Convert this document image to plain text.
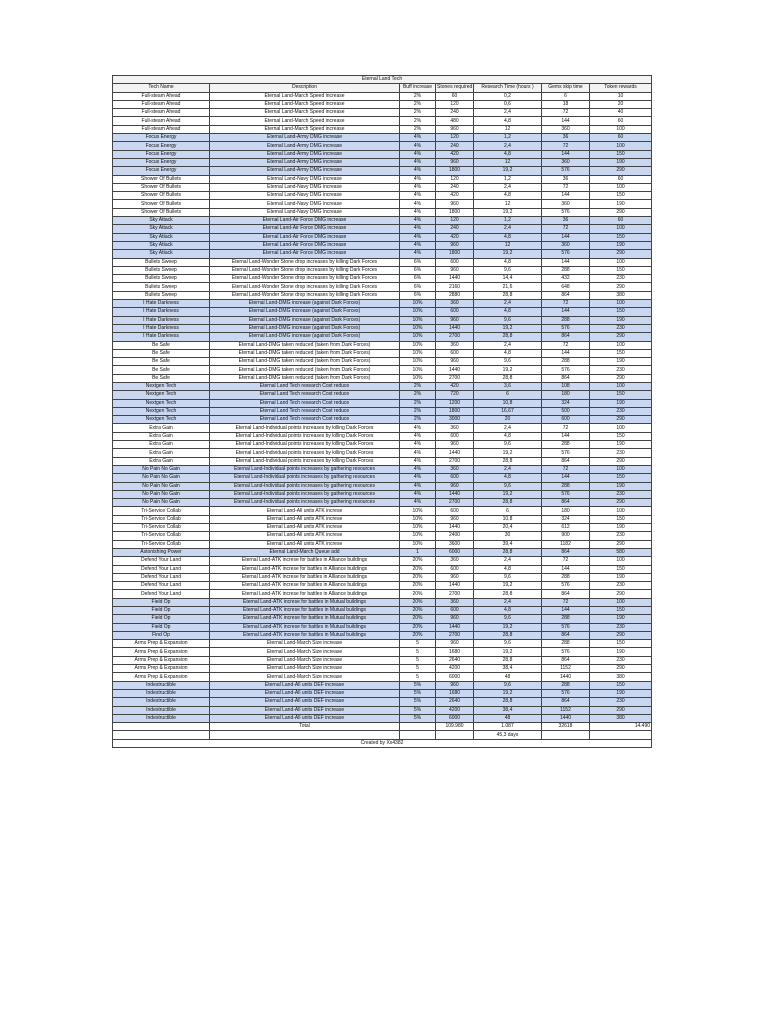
Eternal Land Tech						
Tech Name	Description	Buff increase	Stones required	Research Time (hours )	Gems skip time	Token rewards
Full-steam Ahead	Eternal Land-March Speed increase	2%	60	0,2	6	10
Full-steam Ahead	Eternal Land-March Speed increase	2%	120	0,6	18	20
Full-steam Ahead	Eternal Land-March Speed increase	2%	240	2,4	72	40
Full-steam Ahead	Eternal Land-March Speed increase	2%	480	4,8	144	60
Full-steam Ahead	Eternal Land-March Speed increase	2%	960	12	360	100
Focus Energy	Eternal Land-Army DMG increase	4%	120	1,2	36	60
Focus Energy	Eternal Land-Army DMG increase	4%	240	2,4	72	100
Focus Energy	Eternal Land-Army DMG increase	4%	420	4,8	144	150
Focus Energy	Eternal Land-Army DMG increase	4%	960	12	360	190
Focus Energy	Eternal Land-Army DMG increase	4%	1800	19,2	576	290
Shower Of Bullets	Eternal Land-Navy DMG increase	4%	120	1,2	36	60
Shower Of Bullets	Eternal Land-Navy DMG increase	4%	240	2,4	72	100
Shower Of Bullets	Eternal Land-Navy DMG increase	4%	420	4,8	144	150
Shower Of Bullets	Eternal Land-Navy DMG increase	4%	960	12	360	190
Shower Of Bullets	Eternal Land-Navy DMG increase	4%	1800	19,2	576	290
Sky Attack	Eternal Land-Air Force DMG increase	4%	120	1,2	36	60
Sky Attack	Eternal Land-Air Force DMG increase	4%	240	2,4	72	100
Sky Attack	Eternal Land-Air Force DMG increase	4%	420	4,8	144	150
Sky Attack	Eternal Land-Air Force DMG increase	4%	960	12	360	190
Sky Attack	Eternal Land-Air Force DMG increase	4%	1800	19,2	576	290
Bullets Sweep	Eternal Land-Wonder Stone drop increases by killing Dark Forces	6%	600	4,8	144	100
Bullets Sweep	Eternal Land-Wonder Stone drop increases by killing Dark Forces	6%	960	9,6	288	150
Bullets Sweep	Eternal Land-Wonder Stone drop increases by killing Dark Forces	6%	1440	14,4	432	230
Bullets Sweep	Eternal Land-Wonder Stone drop increases by killing Dark Forces	6%	2160	21,6	648	290
Bullets Sweep	Eternal Land-Wonder Stone drop increases by killing Dark Forces	6%	2880	28,8	864	380
I Hate Darkness	Eternal Land-DMG increase (against Dark Forces)	10%	360	2,4	72	100
I Hate Darkness	Eternal Land-DMG increase (against Dark Forces)	10%	600	4,8	144	150
I Hate Darkness	Eternal Land-DMG increase (against Dark Forces)	10%	960	9,6	288	190
I Hate Darkness	Eternal Land-DMG increase (against Dark Forces)	10%	1440	19,2	576	230
I Hate Darkness	Eternal Land-DMG increase (against Dark Forces)	10%	2700	28,8	864	290
Be Safe	Eternal Land-DMG taken reduced (taken from Dark Forces)	10%	360	2,4	72	100
Be Safe	Eternal Land-DMG taken reduced (taken from Dark Forces)	10%	600	4,8	144	150
Be Safe	Eternal Land-DMG taken reduced (taken from Dark Forces)	10%	960	9,6	288	190
Be Safe	Eternal Land-DMG taken reduced (taken from Dark Forces)	10%	1440	19,2	576	230
Be Safe	Eternal Land-DMG taken reduced (taken from Dark Forces)	10%	2700	28,8	864	290
Nextgen Tech	Eternal Land Tech research Cost reduce	2%	420	3,6	108	100
Nextgen Tech	Eternal Land Tech research Cost reduce	2%	720	6	180	150
Nextgen Tech	Eternal Land Tech research Cost reduce	2%	1200	10,8	324	190
Nextgen Tech	Eternal Land Tech research Cost reduce	2%	1800	16,67	500	230
Nextgen Tech	Eternal Land Tech research Cost reduce	2%	3000	20	600	290
Extra Gain	Eternal Land-Individual points increases by killing Dark Forces	4%	360	2,4	72	100
Extra Gain	Eternal Land-Individual points increases by killing Dark Forces	4%	600	4,8	144	150
Extra Gain	Eternal Land-Individual points increases by killing Dark Forces	4%	960	9,6	288	190
Extra Gain	Eternal Land-Individual points increases by killing Dark Forces	4%	1440	19,2	576	230
Extra Gain	Eternal Land-Individual points increases by killing Dark Forces	4%	2700	28,8	864	290
No Pain No Gain	Eternal Land-Individual points increases by gathering resources	4%	360	2,4	72	100
No Pain No Gain	Eternal Land-Individual points increases by gathering resources	4%	600	4,8	144	150
No Pain No Gain	Eternal Land-Individual points increases by gathering resources	4%	960	9,6	288	190
No Pain No Gain	Eternal Land-Individual points increases by gathering resources	4%	1440	19,2	576	230
No Pain No Gain	Eternal Land-Individual points increases by gathering resources	4%	2700	28,8	864	290
Tri-Service Collab	Eternal Land-All units ATK increse	10%	600	6	180	100
Tri-Service Collab	Eternal Land-All units ATK increse	10%	960	10,8	324	150
Tri-Service Collab	Eternal Land-All units ATK increse	10%	1440	20,4	612	190
Tri-Service Collab	Eternal Land-All units ATK increse	10%	2400	30	900	230
Tri-Service Collab	Eternal Land-All units ATK increse	10%	3600	39,4	1182	290
Astonishing Power	Eternal Land-March Queue add	1	6000	28,8	864	580
Defend Your Land	Eternal Land-ATK increse for battles in Alliance buildings	20%	360	2,4	72	100
Defend Your Land	Eternal Land-ATK increse for battles in Alliance buildings	20%	600	4,8	144	150
Defend Your Land	Eternal Land-ATK increse for battles in Alliance buildings	20%	960	9,6	288	190
Defend Your Land	Eternal Land-ATK increse for battles in Alliance buildings	20%	1440	19,2	576	230
Defend Your Land	Eternal Land-ATK increse for battles in Alliance buildings	20%	2700	28,8	864	290
Field Op	Eternal Land-ATK increse for battles in Mutual buildings	20%	360	2,4	72	100
Field Op	Eternal Land-ATK increse for battles in Mutual buildings	20%	600	4,8	144	150
Field Op	Eternal Land-ATK increse for battles in Mutual buildings	20%	960	9,6	288	190
Field Op	Eternal Land-ATK increse for battles in Mutual buildings	20%	1440	19,2	576	230
Find Op	Eternal Land-ATK increse for battles in Mutual buildings	20%	2700	28,8	864	290
Arms Prep & Expansion	Eternal Land-March Size increase	5	960	9,6	288	150
Arms Prep & Expansion	Eternal Land-March Size increase	5	1680	19,2	576	190
Arms Prep & Expansion	Eternal Land-March Size increase	5	2640	28,8	864	230
Arms Prep & Expansion	Eternal Land-March Size increase	5	4200	38,4	1152	290
Arms Prep & Expansion	Eternal Land-March Size increase	5	6000	48	1440	380
Indestructible	Eternal Land-All units DEF increase	5%	960	9,6	288	150
Indestructible	Eternal Land-All units DEF increase	5%	1680	19,2	576	190
Indestructible	Eternal Land-All units DEF increase	5%	2640	28,8	864	230
Indestructible	Eternal Land-All units DEF increase	5%	4200	38,4	1152	290
Indestructible	Eternal Land-All units DEF increase	5%	6000	48	1440	380
	Total		109.980	1.087	32618	14.490
				45,3 days		
Created by Xx4382						
